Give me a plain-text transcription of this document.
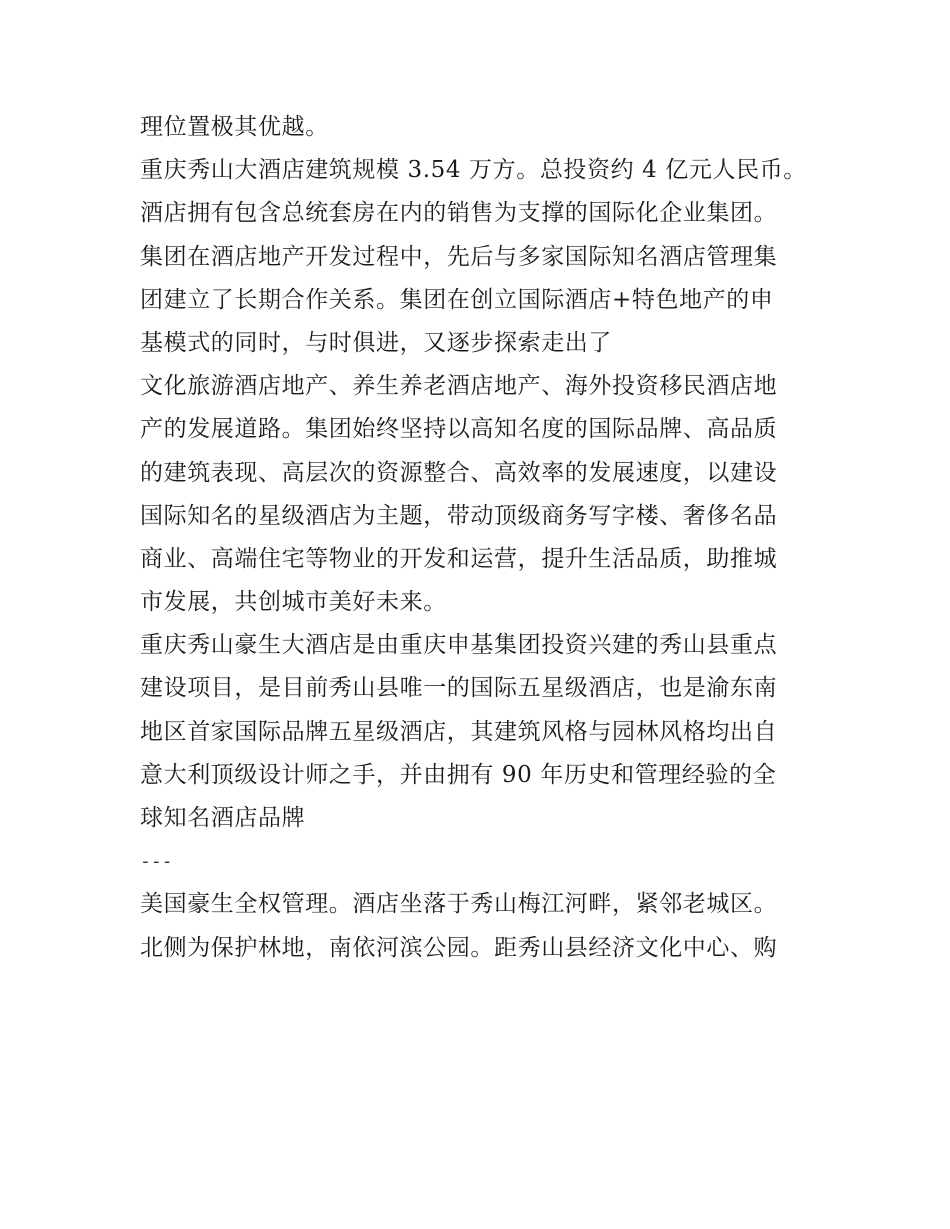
理位置极其优越。
重庆秀山大酒店建筑规模 3.54 万方。总投资约 4 亿元人民币。
酒店拥有包含总统套房在内的销售为支撑的国际化企业集团。
集团在酒店地产开发过程中，先后与多家国际知名酒店管理集
团建立了长期合作关系。集团在创立国际酒店+特色地产的申
基模式的同时，与时俱进，又逐步探索走出了
文化旅游酒店地产、养生养老酒店地产、海外投资移民酒店地
产的发展道路。集团始终坚持以高知名度的国际品牌、高品质
的建筑表现、高层次的资源整合、高效率的发展速度，以建设
国际知名的星级酒店为主题，带动顶级商务写字楼、奢侈名品
商业、高端住宅等物业的开发和运营，提升生活品质，助推城
市发展，共创城市美好未来。
重庆秀山豪生大酒店是由重庆申基集团投资兴建的秀山县重点
建设项目，是目前秀山县唯一的国际五星级酒店，也是渝东南
地区首家国际品牌五星级酒店，其建筑风格与园林风格均出自
意大利顶级设计师之手，并由拥有 90 年历史和管理经验的全
球知名酒店品牌
---
美国豪生全权管理。酒店坐落于秀山梅江河畔，紧邻老城区。
北侧为保护林地，南依河滨公园。距秀山县经济文化中心、购
